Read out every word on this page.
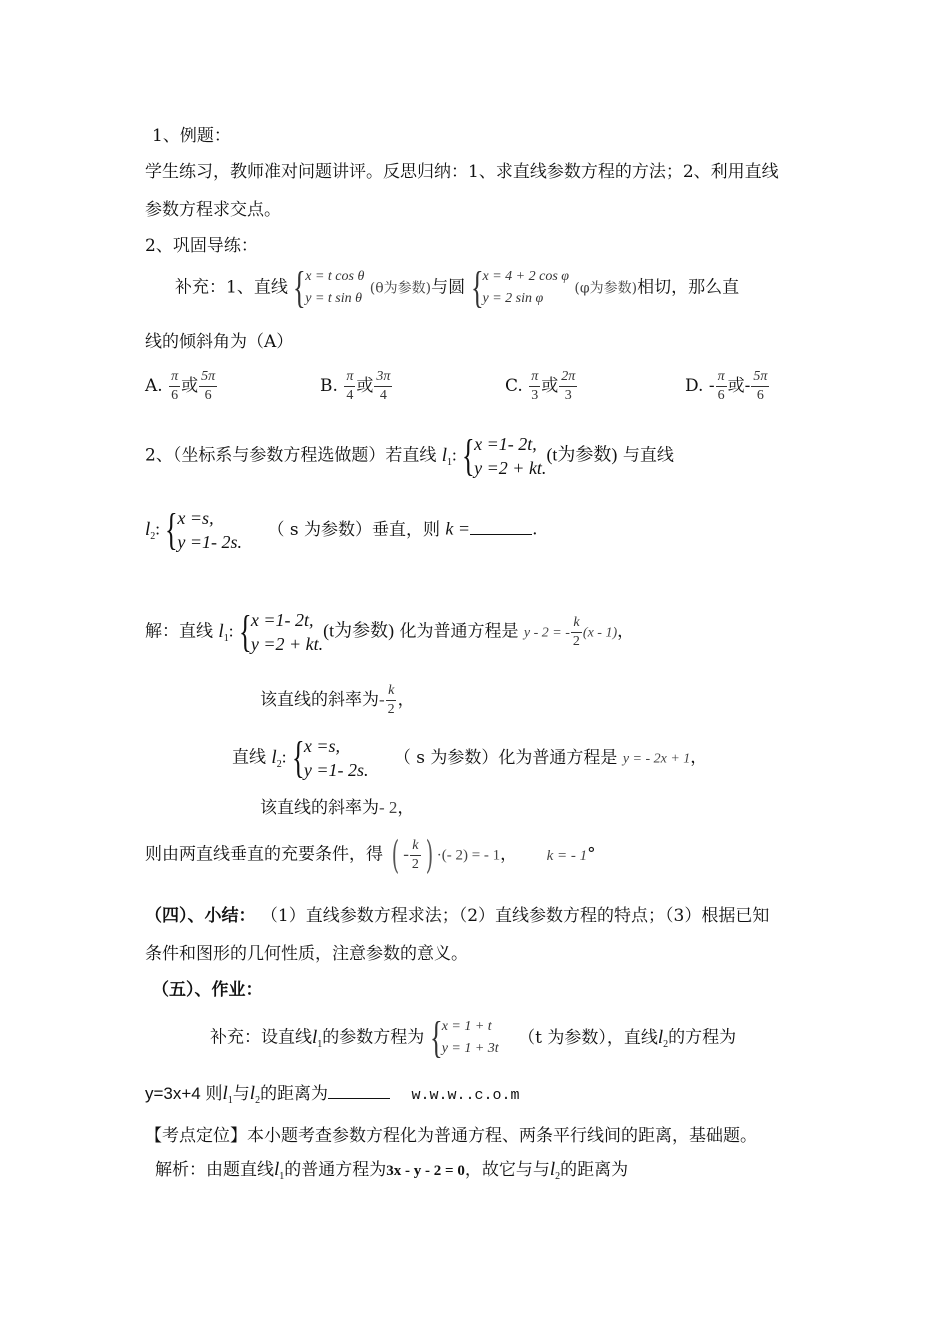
1、例题：
学生练习，教师准对问题讲评。反思归纳：1、求直线参数方程的方法；2、利用直线
参数方程求交点。
2、巩固导练：
补充：1、直线 { x = t cos θ
y = t sin θ
(θ为参数)与圆 { x = 4 + 2 cos φ
y = 2 sin φ
(φ为参数)相切，那么直
线的倾斜角为（A）
A. $\frac{\pi}{6}$ 或 $\frac{5\pi}{6}$	B. $\frac{\pi}{4}$ 或 $\frac{3\pi}{4}$	C. $\frac{\pi}{3}$ 或 $\frac{2\pi}{3}$	D. - $\frac{\pi}{6}$ 或- $\frac{5\pi}{6}$
2、（坐标系与参数方程选做题）若直线 $l_1$: { x =1- 2t,
y =2 + kt.
(t为参数) 与直线
$l_2$: { x =s,
y =1- 2s.
（ s 为参数）垂直，则 k =	.
解：直线 $l_1$: { x =1- 2t,
y =2 + kt.
(t为参数) 化为普通方程是 y - 2 = - $\frac{k}{2} (x - 1)$，
该直线的斜率为- $\frac{k}{2}$ ，
直线 $l_2$: { x =s,
y =1- 2s.
（ s 为参数）化为普通方程是 y = - 2x + 1，
该直线的斜率为- 2，
则由两直线垂直的充要条件，得 ( - $\frac{k}{2}$ ) ·(- 2) = - 1， k = - 1°
（四）、小结： （1）直线参数方程求法；（2）直线参数方程的特点；（3）根据已知
条件和图形的几何性质，注意参数的意义。
（五）、作业：
补充：设直线$l_1$的参数方程为 { x = 1 + t
y = 1 + 3t
（t 为参数），直线$l_2$的方程为
y=3x+4 则$l_1$与$l_2$的距离为	w.w.w..c.o.m
【考点定位】本小题考查参数方程化为普通方程、两条平行线间的距离，基础题。
解析：由题直线$l_1$的普通方程为3x - y - 2 = 0，故它与与$l_2$的距离为
